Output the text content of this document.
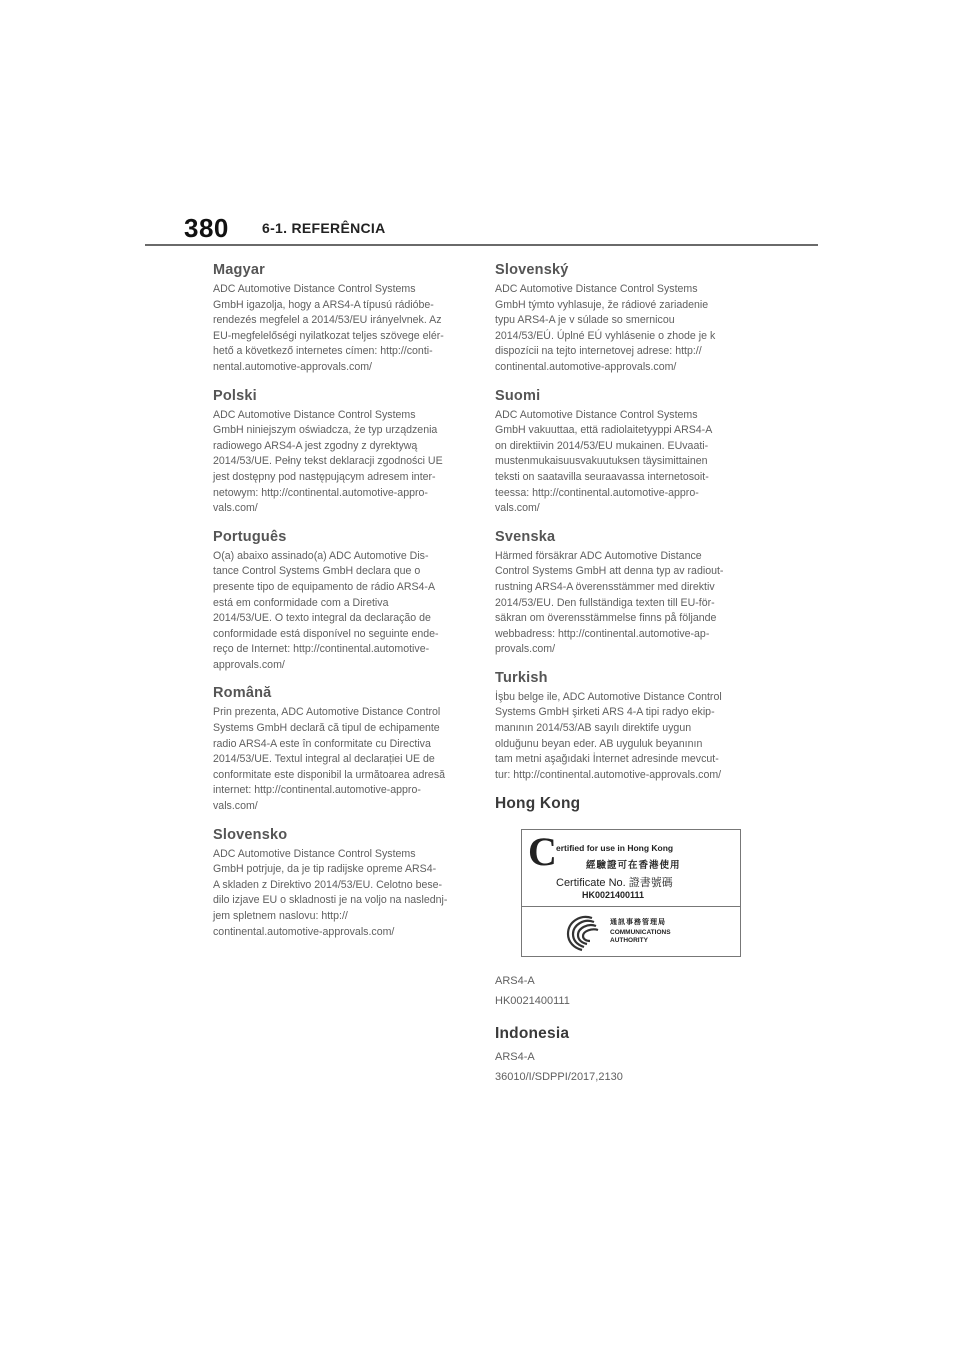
380 6-1. REFERÊNCIA
Magyar

ADC Automotive Distance Control Systems
GmbH igazolja, hogy a ARS4-A típusú rádióbe-
rendezés megfelel a 2014/53/EU irányelvnek. Az
EU-megfelelőségi nyilatkozat teljes szövege elér-
hető a következő internetes címen: http://conti-
nental.automotive-approvals.com/

Polski

ADC Automotive Distance Control Systems
GmbH niniejszym oświadcza, że typ urządzenia
radiowego ARS4-A jest zgodny z dyrektywą
2014/53/UE. Pełny tekst deklaracji zgodności UE
jest dostępny pod następującym adresem inter-
netowym: http://continental.automotive-appro-
vals.com/

Português

O(a) abaixo assinado(a) ADC Automotive Dis-
tance Control Systems GmbH declara que o
presente tipo de equipamento de rádio ARS4-A
está em conformidade com a Diretiva
2014/53/UE. O texto integral da declaração de
conformidade está disponível no seguinte ende-
reço de Internet: http://continental.automotive-
approvals.com/

Română

Prin prezenta, ADC Automotive Distance Control
Systems GmbH declară că tipul de echipamente
radio ARS4-A este în conformitate cu Directiva
2014/53/UE. Textul integral al declarației UE de
conformitate este disponibil la următoarea adresă
internet: http://continental.automotive-appro-
vals.com/

Slovensko

ADC Automotive Distance Control Systems
GmbH potrjuje, da je tip radijske opreme ARS4-
A skladen z Direktivo 2014/53/EU. Celotno bese-
dilo izjave EU o skladnosti je na voljo na naslednj-
jem spletnem naslovu: http://
continental.automotive-approvals.com/

Slovenský

ADC Automotive Distance Control Systems
GmbH týmto vyhlasuje, že rádiové zariadenie
typu ARS4-A je v súlade so smernicou
2014/53/EÚ. Úplné EÚ vyhlásenie o zhode je k
dispozícii na tejto internetovej adrese: http://
continental.automotive-approvals.com/

Suomi

ADC Automotive Distance Control Systems
GmbH vakuuttaa, että radiolaitetyyppi ARS4-A
on direktiivin 2014/53/EU mukainen. EUvaati-
mustenmukaisuusvakuutuksen täysimittainen
teksti on saatavilla seuraavassa internetosoit-
teessa: http://continental.automotive-appro-
vals.com/

Svenska

Härmed försäkrar ADC Automotive Distance
Control Systems GmbH att denna typ av radiout-
rustning ARS4-A överensstämmer med direktiv
2014/53/EU. Den fullständiga texten till EU-för-
säkran om överensstämmelse finns på följande
webbadress: http://continental.automotive-ap-
provals.com/

Turkish

İşbu belge ile, ADC Automotive Distance Control
Systems GmbH şirketi ARS 4-A tipi radyo ekip-
manının 2014/53/AB sayılı direktife uygun
olduğunu beyan eder. AB uyguluk beyanının
tam metni aşağıdaki İnternet adresinde mevcut-
tur: http://continental.automotive-approvals.com/

Hong Kong
C ertified for use in Hong Kong
經驗證可在香港使用
Certificate No. 證書號碼
HK0021400111
通訊事務管理局
COMMUNICATIONS AUTHORITY
ARS4-A
HK0021400111
Indonesia
ARS4-A
36010/I/SDPPI/2017,2130
